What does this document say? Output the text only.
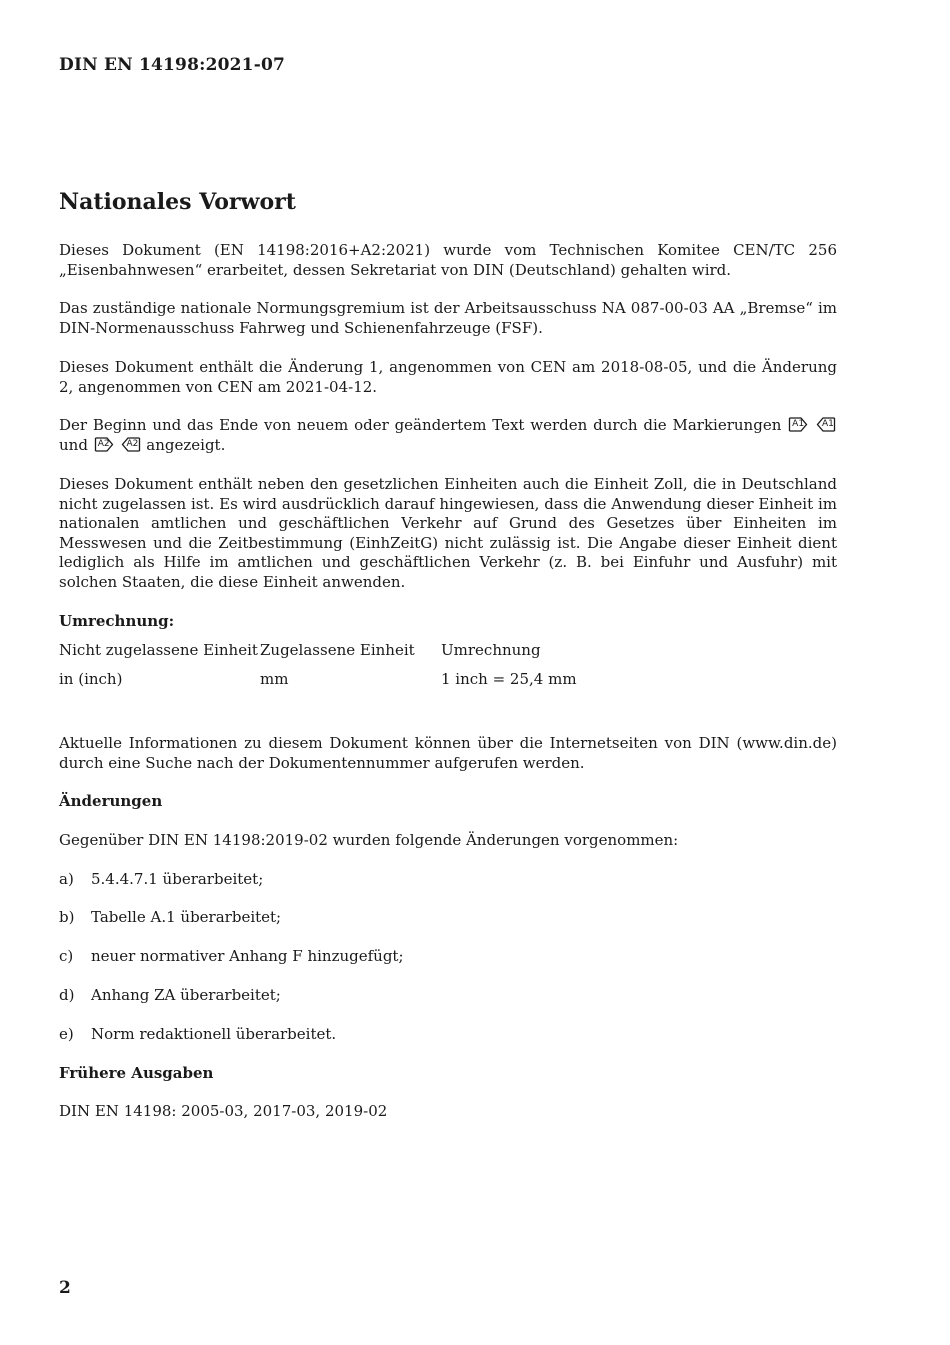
DIN EN 14198:2021-07
Nationales Vorwort
Dieses Dokument (EN 14198:2016+A2:2021) wurde vom Technischen Komitee CEN/TC 256 „Eisenbahnwesen“ erarbeitet, dessen Sekretariat von DIN (Deutschland) gehalten wird.
Das zuständige nationale Normungsgremium ist der Arbeitsausschuss NA 087-00-03 AA „Bremse“ im DIN-Normenausschuss Fahrweg und Schienenfahrzeuge (FSF).
Dieses Dokument enthält die Änderung 1, angenommen von CEN am 2018-08-05, und die Änderung 2, angenommen von CEN am 2021-04-12.
Der Beginn und das Ende von neuem oder geändertem Text werden durch die Markierungen A1
A1
und A2
A2 angezeigt.
Dieses Dokument enthält neben den gesetzlichen Einheiten auch die Einheit Zoll, die in Deutschland nicht zugelassen ist. Es wird ausdrücklich darauf hingewiesen, dass die Anwendung dieser Einheit im nationalen amtlichen und geschäftlichen Verkehr auf Grund des Gesetzes über Einheiten im Messwesen und die Zeitbestimmung (EinhZeitG) nicht zulässig ist. Die Angabe dieser Einheit dient lediglich als Hilfe im amtlichen und geschäftlichen Verkehr (z. B. bei Einfuhr und Ausfuhr) mit solchen Staaten, die diese Einheit anwenden.
Umrechnung:
Nicht zugelassene Einheit Zugelassene Einheit Umrechnung
in (inch)	mm	1 inch = 25,4 mm
Aktuelle Informationen zu diesem Dokument können über die Internetseiten von DIN (www.din.de) durch eine Suche nach der Dokumentennummer aufgerufen werden.
Änderungen
Gegenüber DIN EN 14198:2019-02 wurden folgende Änderungen vorgenommen:
a) 5.4.4.7.1 überarbeitet;
b) Tabelle A.1 überarbeitet;
c) neuer normativer Anhang F hinzugefügt;
d) Anhang ZA überarbeitet;
e) Norm redaktionell überarbeitet.
Frühere Ausgaben
DIN EN 14198: 2005-03, 2017-03, 2019-02
2
